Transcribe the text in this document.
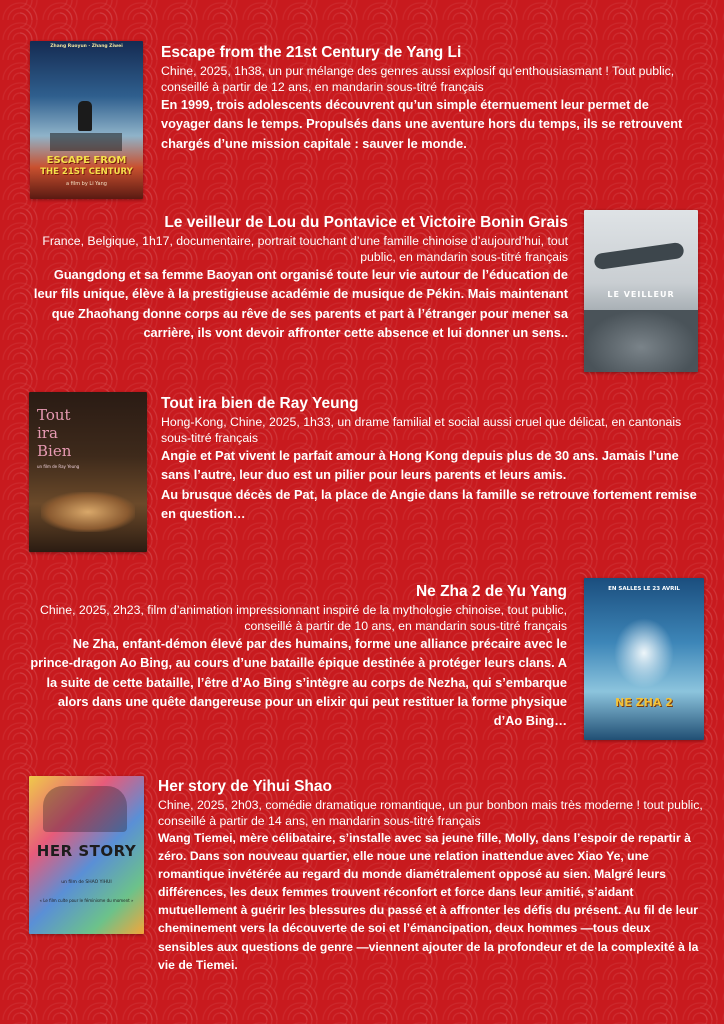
Zhang Ruoyun · Zhang Ziwei
ESCAPE FROM
THE 21ST CENTURY
a film by Li Yang

Escape from the 21st Century de Yang Li

Chine, 2025, 1h38, un pur mélange des genres aussi explosif qu’enthousiasmant ! Tout public, conseillé à partir de 12 ans, en mandarin sous-titré français

En 1999, trois adolescents découvrent qu’un simple éternuement leur permet de voyager dans le temps. Propulsés dans une aventure hors du temps, ils se retrouvent chargés d’une mission capitale : sauver le monde.

Le veilleur de Lou du Pontavice et Victoire Bonin Grais

France, Belgique, 1h17, documentaire, portrait touchant d’une famille chinoise d’aujourd’hui, tout public, en mandarin sous-titré français

Guangdong et sa femme Baoyan ont organisé toute leur vie autour de l’éducation de leur fils unique, élève à la prestigieuse académie de musique de Pékin. Mais maintenant que Zhaohang donne corps au rêve de ses parents et part à l’étranger pour mener sa carrière, ils vont devoir affronter cette absence et lui donner un sens..

LE VEILLEUR
Tout
ira
Bien
un film de Ray Yeung

Tout ira bien de Ray Yeung

Hong-Kong, Chine, 2025, 1h33, un drame familial et social aussi cruel que délicat, en cantonais sous-titré français

Angie et Pat vivent le parfait amour à Hong Kong depuis plus de 30 ans. Jamais l’une sans l’autre, leur duo est un pilier pour leurs parents et leurs amis.

Au brusque décès de Pat, la place de Angie dans la famille se retrouve fortement remise en question…

Ne Zha 2 de Yu Yang

Chine, 2025, 2h23, film d’animation impressionnant inspiré de la mythologie chinoise, tout public, conseillé à partir de 10 ans, en mandarin sous-titré français

Ne Zha, enfant-démon élevé par des humains, forme une alliance précaire avec le prince-dragon Ao Bing, au cours d’une bataille épique destinée à protéger leurs clans. A la suite de cette bataille, l’être d’Ao Bing s’intègre au corps de Nezha, qui s’embarque alors dans une quête dangereuse pour un elixir qui peut restituer la forme physique d’Ao Bing…

EN SALLES LE 23 AVRIL
NE ZHA 2
HER STORY
un film de SHAO YIHUI
« Le film culte pour le féminisme du moment »

Her story de Yihui Shao

Chine, 2025, 2h03, comédie dramatique romantique, un pur bonbon mais très moderne ! tout public, conseillé à partir de 14 ans, en mandarin sous-titré français

Wang Tiemei, mère célibataire, s’installe avec sa jeune fille, Molly, dans l’espoir de repartir à zéro. Dans son nouveau quartier, elle noue une relation inattendue avec Xiao Ye, une romantique invétérée au regard du monde diamétralement opposé au sien. Malgré leurs différences, les deux femmes trouvent réconfort et force dans leur amitié, s’aidant mutuellement à guérir les blessures du passé et à affronter les défis du présent. Au fil de leur cheminement vers la découverte de soi et l’émancipation, deux hommes —tous deux sensibles aux questions de genre —viennent ajouter de la profondeur et de la complexité à la vie de Tiemei.
